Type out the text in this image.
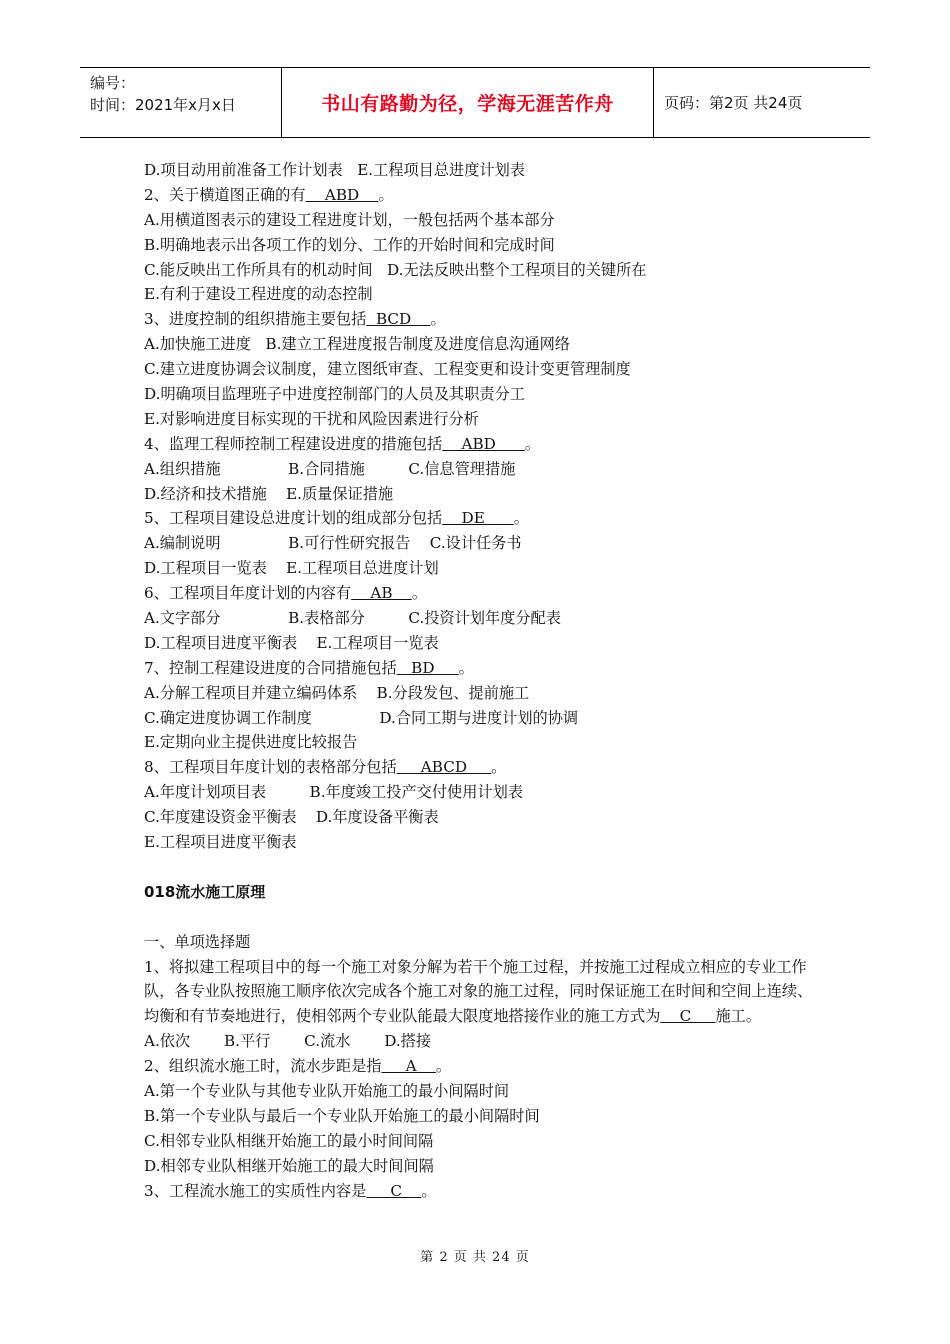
编号：
时间：2021年x月x日	书山有路勤为径，学海无涯苦作舟	页码：第2页 共24页
D.项目动用前准备工作计划表   E.工程项目总进度计划表
2、关于横道图正确的有    ABD    。
A.用横道图表示的建设工程进度计划，一般包括两个基本部分
B.明确地表示出各项工作的划分、工作的开始时间和完成时间
C.能反映出工作所具有的机动时间   D.无法反映出整个工程项目的关键所在
E.有利于建设工程进度的动态控制
3、进度控制的组织措施主要包括  BCD    。
A.加快施工进度   B.建立工程进度报告制度及进度信息沟通网络
C.建立进度协调会议制度，建立图纸审查、工程变更和设计变更管理制度
D.明确项目监理班子中进度控制部门的人员及其职责分工
E.对影响进度目标实现的干扰和风险因素进行分析
4、监理工程师控制工程建设进度的措施包括    ABD      。
A.组织措施              B.合同措施         C.信息管理措施
D.经济和技术措施    E.质量保证措施
5、工程项目建设总进度计划的组成部分包括    DE      。
A.编制说明              B.可行性研究报告    C.设计任务书
D.工程项目一览表    E.工程项目总进度计划
6、工程项目年度计划的内容有    AB    。
A.文字部分              B.表格部分         C.投资计划年度分配表
D.工程项目进度平衡表    E.工程项目一览表
7、控制工程建设进度的合同措施包括   BD     。
A.分解工程项目并建立编码体系    B.分段发包、提前施工
C.确定进度协调工作制度              D.合同工期与进度计划的协调
E.定期向业主提供进度比较报告
8、工程项目年度计划的表格部分包括     ABCD     。
A.年度计划项目表         B.年度竣工投产交付使用计划表
C.年度建设资金平衡表    D.年度设备平衡表
E.工程项目进度平衡表
018流水施工原理
一、单项选择题
1、将拟建工程项目中的每一个施工对象分解为若干个施工过程，并按施工过程成立相应的专业工作队，各专业队按照施工顺序依次完成各个施工对象的施工过程，同时保证施工在时间和空间上连续、均衡和有节奏地进行，使相邻两个专业队能最大限度地搭接作业的施工方式为    C     施工。
A.依次       B.平行       C.流水       D.搭接
2、组织流水施工时，流水步距是指     A    。
A.第一个专业队与其他专业队开始施工的最小间隔时间
B.第一个专业队与最后一个专业队开始施工的最小间隔时间
C.相邻专业队相继开始施工的最小时间间隔
D.相邻专业队相继开始施工的最大时间间隔
3、工程流水施工的实质性内容是     C    。
第 2 页 共 24 页
